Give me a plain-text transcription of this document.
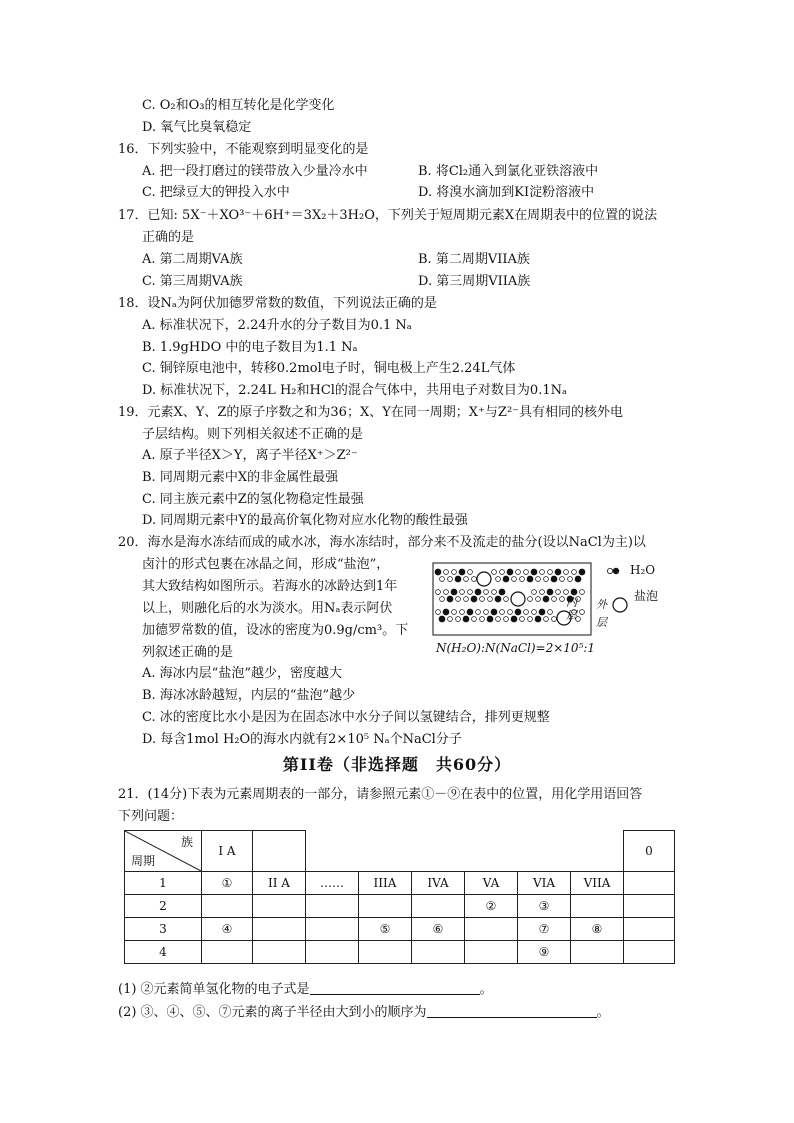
C. O₂和O₃的相互转化是化学变化
D. 氧气比臭氧稳定
16．下列实验中，不能观察到明显变化的是
A. 把一段打磨过的镁带放入少量冷水中	B. 将Cl₂通入到氯化亚铁溶液中
C. 把绿豆大的钾投入水中	D. 将溴水滴加到KI淀粉溶液中
17．已知: 5X⁻＋XO³⁻＋6H⁺＝3X₂＋3H₂O，下列关于短周期元素X在周期表中的位置的说法
正确的是
A. 第二周期VA族	B. 第二周期VIIA族
C. 第三周期VA族	D. 第三周期VIIA族
18．设Nₐ为阿伏加德罗常数的数值，下列说法正确的是
A. 标准状况下，2.24升水的分子数目为0.1 Nₐ
B. 1.9gHDO 中的电子数目为1.1 Nₐ
C. 铜锌原电池中，转移0.2mol电子时，铜电极上产生2.24L气体
D. 标准状况下，2.24L H₂和HCl的混合气体中，共用电子对数目为0.1Nₐ
19．元素X、Y、Z的原子序数之和为36；X、Y在同一周期；X⁺与Z²⁻具有相同的核外电
子层结构。则下列相关叙述不正确的是
A. 原子半径X＞Y，离子半径X⁺＞Z²⁻
B. 同周期元素中X的非金属性最强
C. 同主族元素中Z的氢化物稳定性最强
D. 同周期元素中Y的最高价氧化物对应水化物的酸性最强
20．海水是海水冻结而成的咸水冰，海水冻结时，部分来不及流走的盐分(设以NaCl为主)以
卤汁的形式包裹在冰晶之间，形成“盐泡”，
其大致结构如图所示。若海水的冰龄达到1年
以上，则融化后的水为淡水。用Nₐ表示阿伏
加德罗常数的值，设冰的密度为0.9g/cm³。下
列叙述正确的是
H₂O
盐泡
内层
外层
N(H₂O):N(NaCl)=2×10⁵:1
A. 海冰内层“盐泡”越少，密度越大
B. 海冰冰龄越短，内层的“盐泡”越少
C. 冰的密度比水小是因为在固态冰中水分子间以氢键结合，排列更规整
D. 每含1mol H₂O的海水内就有2×10⁵ Nₐ个NaCl分子
第II卷（非选择题　共60分）
21．(14分)下表为元素周期表的一部分，请参照元素①－⑨在表中的位置，用化学用语回答
下列问题：
族
周期	I A								0
1	①	II A	……	IIIA	IVA	VA	VIA	VIIA	
2						②	③		
3	④			⑤	⑥		⑦	⑧	
4							⑨		
(1) ②元素简单氢化物的电子式是	。
(2) ③、④、⑤、⑦元素的离子半径由大到小的顺序为	。
